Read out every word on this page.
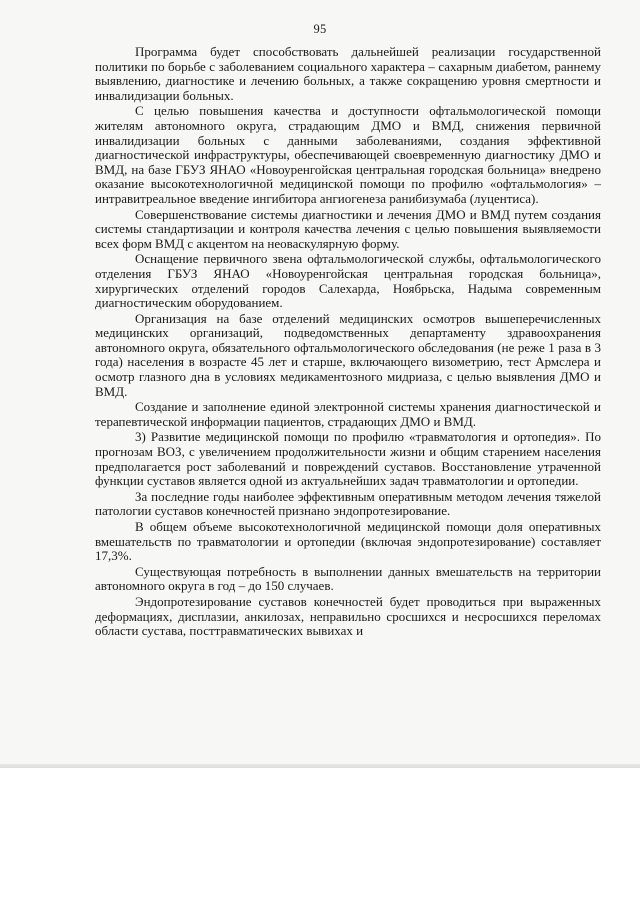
95

Программа будет способствовать дальнейшей реализации государственной политики по борьбе с заболеванием социального характера – сахарным диабетом, раннему выявлению, диагностике и лечению больных, а также сокращению уровня смертности и инвалидизации больных.

С целью повышения качества и доступности офтальмологической помощи жителям автономного округа, страдающим ДМО и ВМД, снижения первичной инвалидизации больных с данными заболеваниями, создания эффективной диагностической инфраструктуры, обеспечивающей своевременную диагностику ДМО и ВМД, на базе ГБУЗ ЯНАО «Новоуренгойская центральная городская больница» внедрено оказание высокотехнологичной медицинской помощи по профилю «офтальмология» – интравитреальное введение ингибитора ангиогенеза ранибизумаба (луцентиса).

Совершенствование системы диагностики и лечения ДМО и ВМД путем создания системы стандартизации и контроля качества лечения с целью повышения выявляемости всех форм ВМД с акцентом на неоваскулярную форму.

Оснащение первичного звена офтальмологической службы, офтальмологического отделения ГБУЗ ЯНАО «Новоуренгойская центральная городская больница», хирургических отделений городов Салехарда, Ноябрьска, Надыма современным диагностическим оборудованием.

Организация на базе отделений медицинских осмотров вышеперечисленных медицинских организаций, подведомственных департаменту здравоохранения автономного округа, обязательного офтальмологического обследования (не реже 1 раза в 3 года) населения в возрасте 45 лет и старше, включающего визометрию, тест Армслера и осмотр глазного дна в условиях медикаментозного мидриаза, с целью выявления ДМО и ВМД.

Создание и заполнение единой электронной системы хранения диагностической и терапевтической информации пациентов, страдающих ДМО и ВМД.

3) Развитие медицинской помощи по профилю «травматология и ортопедия». По прогнозам ВОЗ, с увеличением продолжительности жизни и общим старением населения предполагается рост заболеваний и повреждений суставов. Восстановление утраченной функции суставов является одной из актуальнейших задач травматологии и ортопедии.

За последние годы наиболее эффективным оперативным методом лечения тяжелой патологии суставов конечностей признано эндопротезирование.

В общем объеме высокотехнологичной медицинской помощи доля оперативных вмешательств по травматологии и ортопедии (включая эндопротезирование) составляет 17,3%.

Существующая потребность в выполнении данных вмешательств на территории автономного округа в год – до 150 случаев.

Эндопротезирование суставов конечностей будет проводиться при выраженных деформациях, дисплазии, анкилозах, неправильно сросшихся и несросшихся переломах области сустава, посттравматических вывихах и
